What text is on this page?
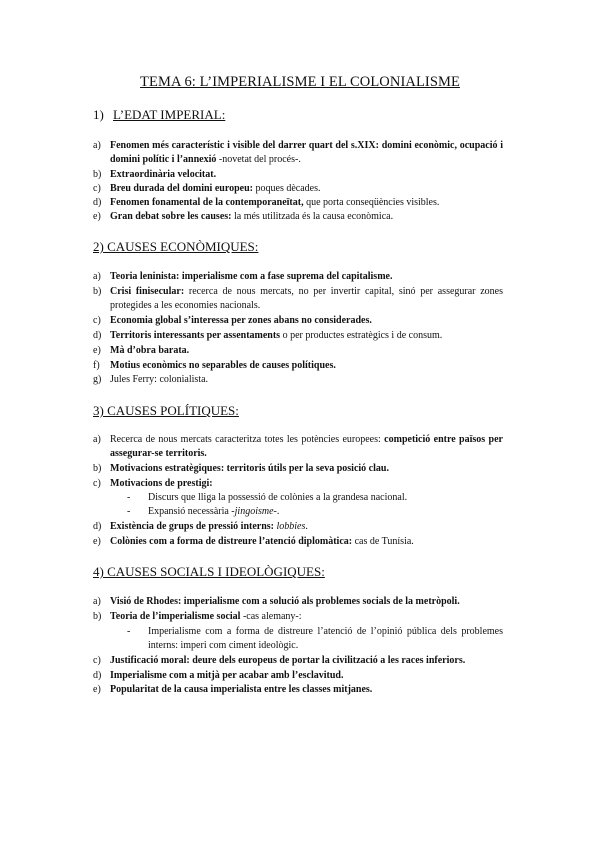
TEMA 6: L’IMPERIALISME I EL COLONIALISME
1) L’EDAT IMPERIAL:
a) Fenomen més característic i visible del darrer quart del s.XIX: domini econòmic, ocupació i domini polític i l’annexió -novetat del procés-.
b) Extraordinària velocitat.
c) Breu durada del domini europeu: poques dècades.
d) Fenomen fonamental de la contemporaneïtat, que porta conseqüències visibles.
e) Gran debat sobre les causes: la més utilitzada és la causa econòmica.
2) CAUSES ECONÒMIQUES:
a) Teoria leninista: imperialisme com a fase suprema del capitalisme.
b) Crisi finisecular: recerca de nous mercats, no per invertir capital, sinó per assegurar zones protegides a les economies nacionals.
c) Economia global s’interessa per zones abans no considerades.
d) Territoris interessants per assentaments o per productes estratègics i de consum.
e) Mà d’obra barata.
f)	Motius econòmics no separables de causes polítiques.
g) Jules Ferry: colonialista.
3) CAUSES POLÍTIQUES:
a) Recerca de nous mercats caracteritza totes les potències europees: competició entre països per assegurar-se territoris.
b) Motivacions estratègiques: territoris útils per la seva posició clau.
c) Motivacions de prestigi:
- Discurs que lliga la possessió de colònies a la grandesa nacional.
- Expansió necessària -jingoisme-.
d) Existència de grups de pressió interns: lobbies.
e) Colònies com a forma de distreure l’atenció diplomàtica: cas de Tunísia.
4) CAUSES SOCIALS I IDEOLÒGIQUES:
a) Visió de Rhodes: imperialisme com a solució als problemes socials de la metròpoli.
b) Teoria de l’imperialisme social -cas alemany-:
- Imperialisme com a forma de distreure l’atenció de l’opinió pública dels problemes interns: imperi com ciment ideològic.
c) Justificació moral: deure dels europeus de portar la civilització a les races inferiors.
d) Imperialisme com a mitjà per acabar amb l’esclavitud.
e) Popularitat de la causa imperialista entre les classes mitjanes.
